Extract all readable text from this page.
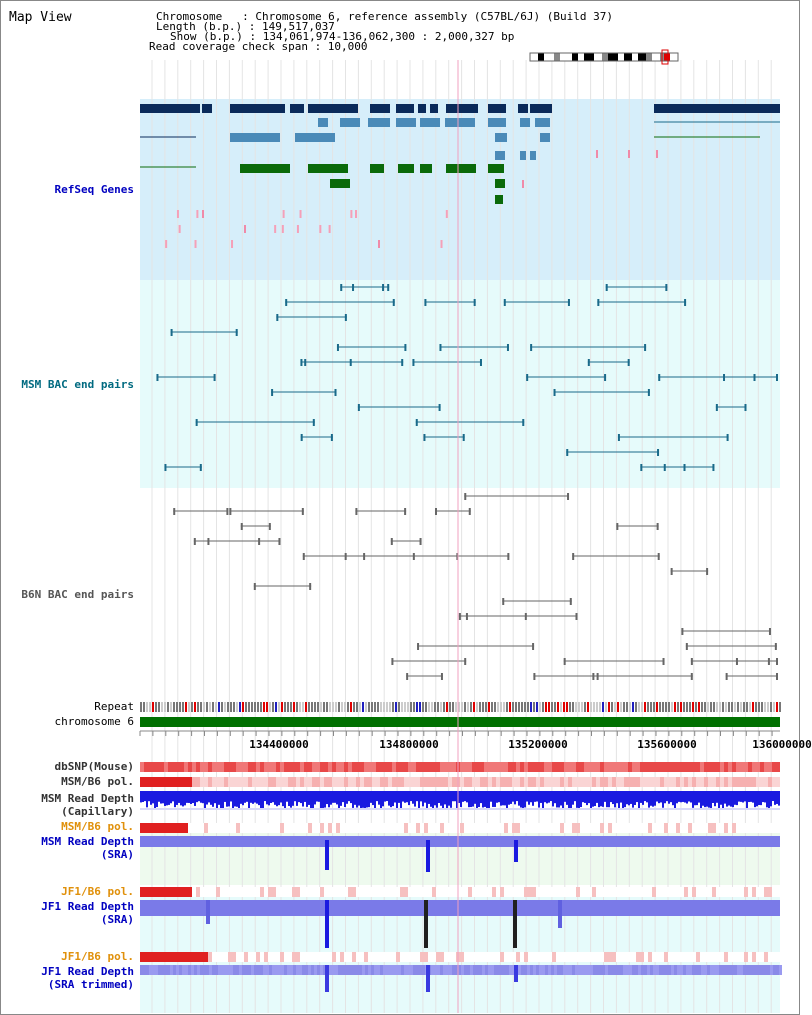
Map View	Chromosome   : Chromosome 6, reference assembly (C57BL/6J) (Build 37)
Length (b.p.) : 149,517,037
Show (b.p.) : 134,061,974-136,062,300 : 2,000,327 bp
Read coverage check span : 10,000
RefSeq Genes
MSM BAC end pairs
B6N BAC end pairs
Repeat
chromosome 6
dbSNP(Mouse)
MSM/B6 pol.
MSM Read Depth
(Capillary)
MSM/B6 pol.
MSM Read Depth
(SRA)
JF1/B6 pol.
JF1 Read Depth
(SRA)
JF1/B6 pol.
JF1 Read Depth
(SRA trimmed)
134400000	134800000	135200000	135600000	136000000
